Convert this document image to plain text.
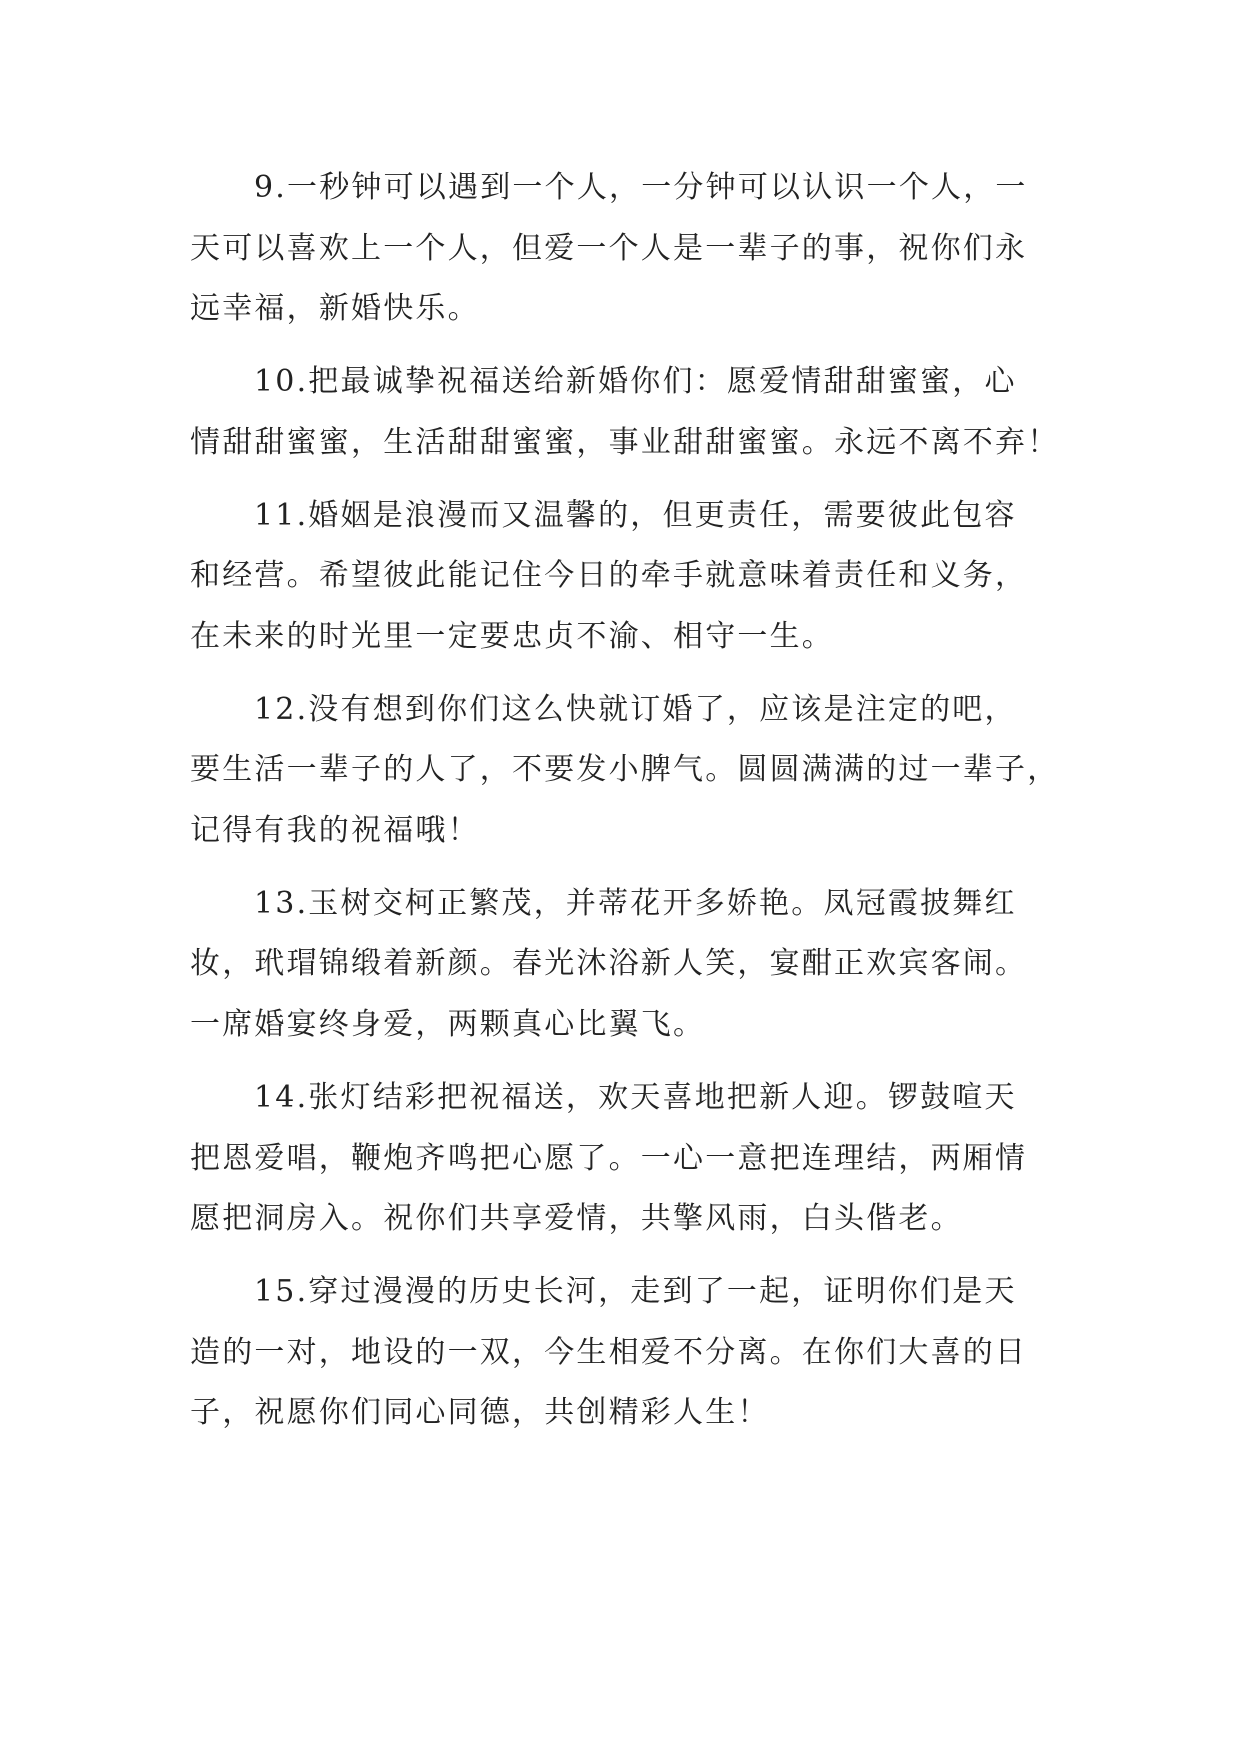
9.一秒钟可以遇到一个人，一分钟可以认识一个人，一
天可以喜欢上一个人，但爱一个人是一辈子的事，祝你们永
远幸福，新婚快乐。

10.把最诚挚祝福送给新婚你们：愿爱情甜甜蜜蜜，心
情甜甜蜜蜜，生活甜甜蜜蜜，事业甜甜蜜蜜。永远不离不弃！

11.婚姻是浪漫而又温馨的，但更责任，需要彼此包容
和经营。希望彼此能记住今日的牵手就意味着责任和义务，
在未来的时光里一定要忠贞不渝、相守一生。

12.没有想到你们这么快就订婚了，应该是注定的吧，
要生活一辈子的人了，不要发小脾气。圆圆满满的过一辈子，
记得有我的祝福哦！

13.玉树交柯正繁茂，并蒂花开多娇艳。凤冠霞披舞红
妆，玳瑁锦缎着新颜。春光沐浴新人笑，宴酣正欢宾客闹。
一席婚宴终身爱，两颗真心比翼飞。

14.张灯结彩把祝福送，欢天喜地把新人迎。锣鼓喧天
把恩爱唱，鞭炮齐鸣把心愿了。一心一意把连理结，两厢情
愿把洞房入。祝你们共享爱情，共擎风雨，白头偕老。

15.穿过漫漫的历史长河，走到了一起，证明你们是天
造的一对，地设的一双，今生相爱不分离。在你们大喜的日
子，祝愿你们同心同德，共创精彩人生！
